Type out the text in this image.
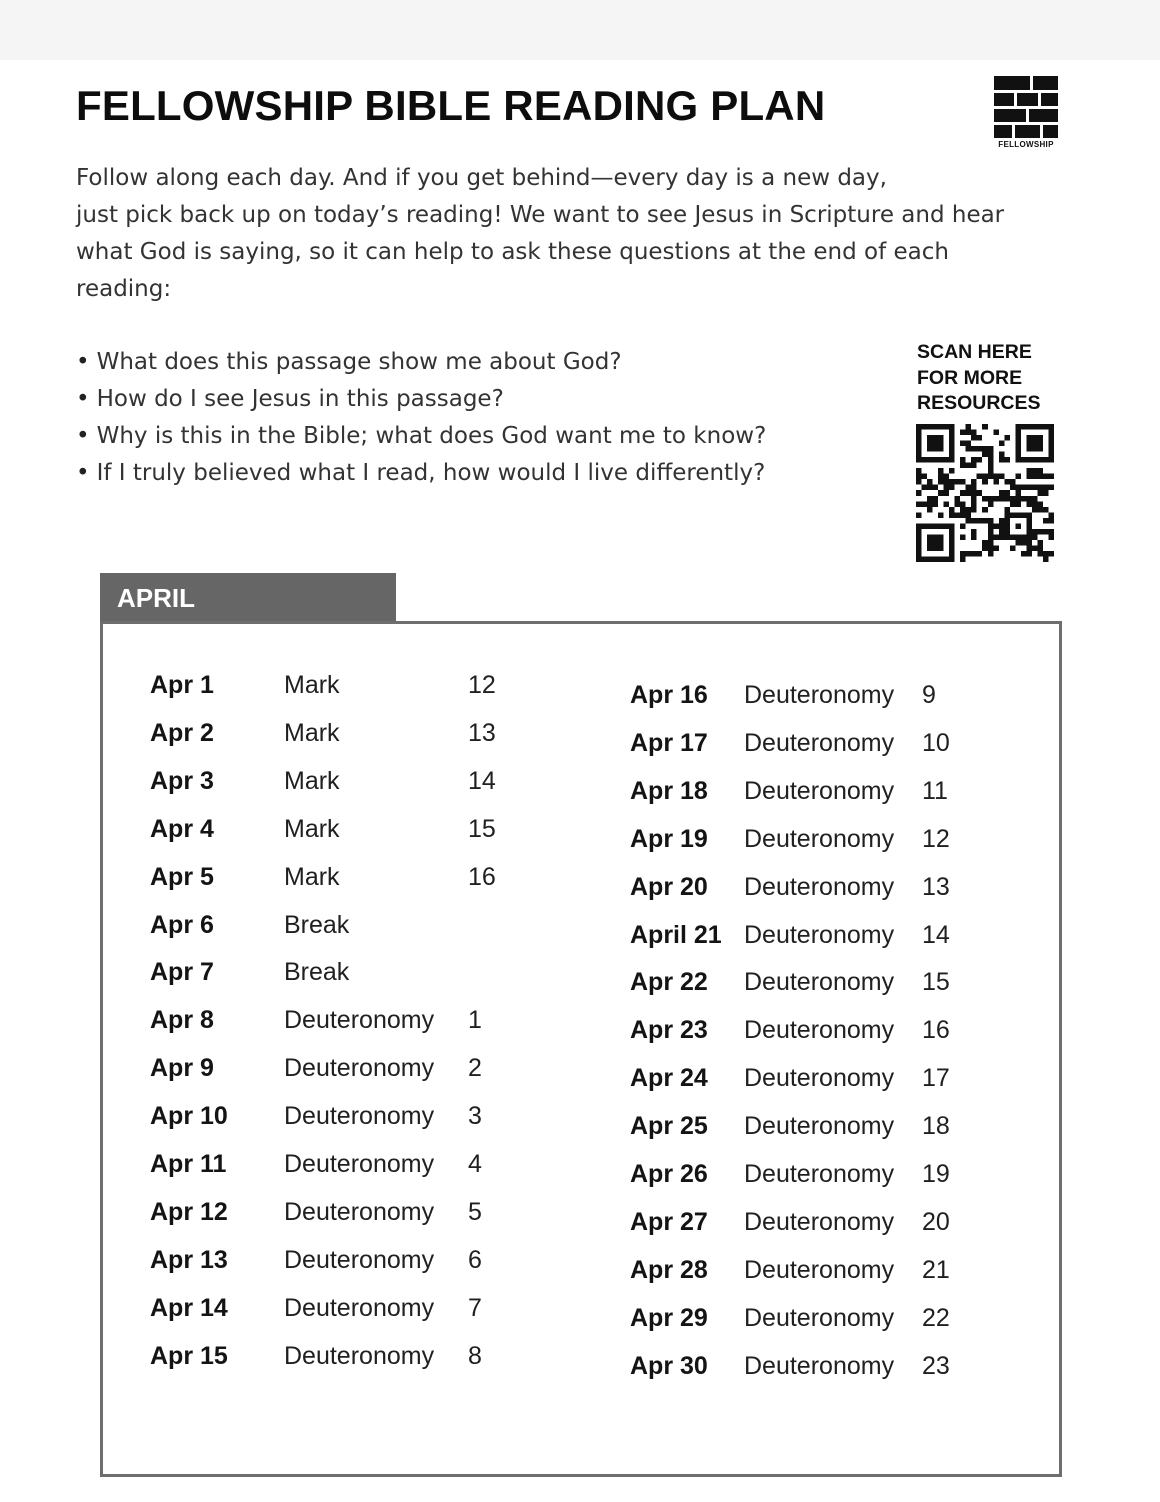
FELLOWSHIP BIBLE READING PLAN
FELLOWSHIP
Follow along each day. And if you get behind—every day is a new day,
just pick back up on today’s reading! We want to see Jesus in Scripture and hear
what God is saying, so it can help to ask these questions at the end of each
reading:
• What does this passage show me about God?
• How do I see Jesus in this passage?
• Why is this in the Bible; what does God want me to know?
• If I truly believed what I read, how would I live differently?
SCAN HERE
FOR MORE
RESOURCES
APRIL
Apr 1	Mark	12
Apr 2	Mark	13
Apr 3	Mark	14
Apr 4	Mark	15
Apr 5	Mark	16
Apr 6	Break
Apr 7	Break
Apr 8	Deuteronomy 1
Apr 9	Deuteronomy 2
Apr 10 Deuteronomy 3
Apr 11 Deuteronomy 4
Apr 12 Deuteronomy 5
Apr 13 Deuteronomy 6
Apr 14 Deuteronomy 7
Apr 15 Deuteronomy 8
Apr 16 Deuteronomy 9
Apr 17 Deuteronomy 10
Apr 18 Deuteronomy 11
Apr 19 Deuteronomy 12
Apr 20 Deuteronomy 13
April 21 Deuteronomy 14
Apr 22 Deuteronomy 15
Apr 23 Deuteronomy 16
Apr 24 Deuteronomy 17
Apr 25 Deuteronomy 18
Apr 26 Deuteronomy 19
Apr 27 Deuteronomy 20
Apr 28 Deuteronomy 21
Apr 29 Deuteronomy 22
Apr 30 Deuteronomy 23
